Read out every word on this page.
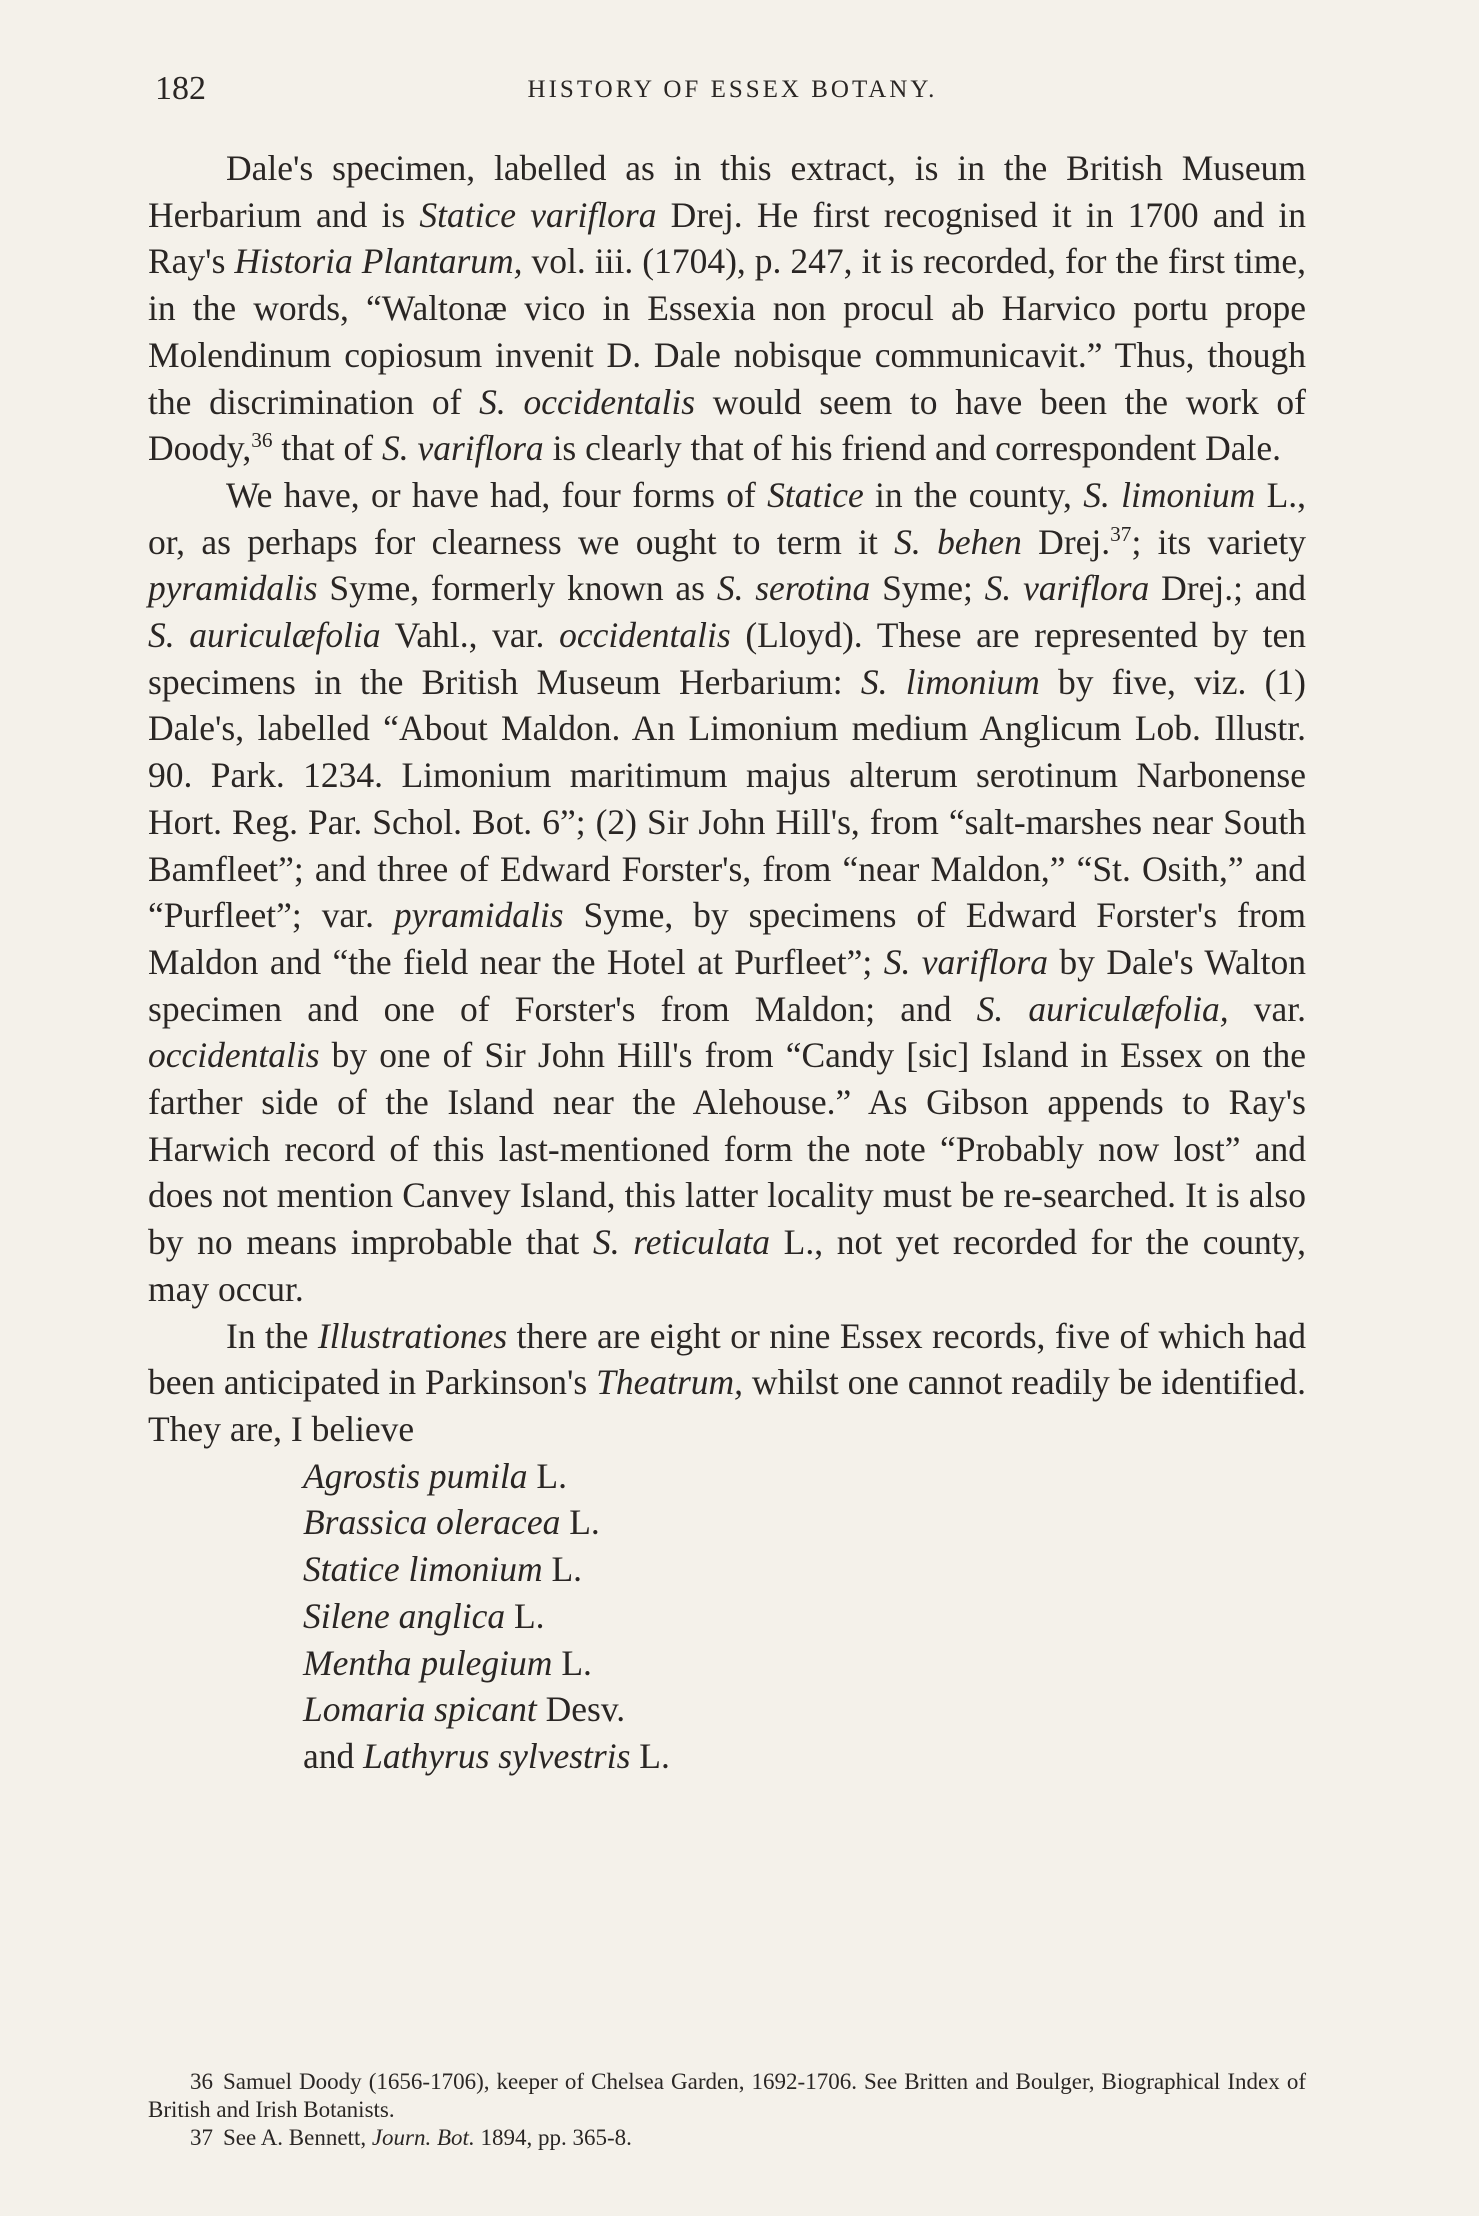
182	HISTORY OF ESSEX BOTANY.

Dale's specimen, labelled as in this extract, is in the British Museum Herbarium and is Statice variflora Drej. He first recognised it in 1700 and in Ray's Historia Plantarum, vol. iii. (1704), p. 247, it is recorded, for the first time, in the words, “Waltonæ vico in Essexia non procul ab Harvico portu prope Molendinum copiosum invenit D. Dale nobisque communicavit.” Thus, though the discrimination of S. occidentalis would seem to have been the work of Doody,$^{36}$ that of S. variflora is clearly that of his friend and correspondent Dale.

We have, or have had, four forms of Statice in the county, S. limonium L., or, as perhaps for clearness we ought to term it S. behen Drej.$^{37}$; its variety pyramidalis Syme, formerly known as S. serotina Syme; S. variflora Drej.; and S. auriculæfolia Vahl., var. occidentalis (Lloyd). These are represented by ten specimens in the British Museum Herbarium: S. limonium by five, viz. (1) Dale's, labelled “About Maldon. An Limonium medium Anglicum Lob. Illustr. 90. Park. 1234. Limonium maritimum majus alterum serotinum Narbonense Hort. Reg. Par. Schol. Bot. 6”; (2) Sir John Hill's, from “salt-marshes near South Bamfleet”; and three of Edward Forster's, from “near Maldon,” “St. Osith,” and “Purfleet”; var. pyramidalis Syme, by specimens of Edward Forster's from Maldon and “the field near the Hotel at Purfleet”; S. variflora by Dale's Walton specimen and one of Forster's from Maldon; and S. auriculæfolia, var. occidentalis by one of Sir John Hill's from “Candy [sic] Island in Essex on the farther side of the Island near the Alehouse.” As Gibson appends to Ray's Harwich record of this last-mentioned form the note “Probably now lost” and does not mention Canvey Island, this latter locality must be re-searched. It is also by no means improbable that S. reticulata L., not yet recorded for the county, may occur.

In the Illustrationes there are eight or nine Essex records, five of which had been anticipated in Parkinson's Theatrum, whilst one cannot readily be identified. They are, I believe

Agrostis pumila L.
Brassica oleracea L.
Statice limonium L.
Silene anglica L.
Mentha pulegium L.
Lomaria spicant Desv.
and Lathyrus sylvestris L.

36 Samuel Doody (1656-1706), keeper of Chelsea Garden, 1692-1706. See Britten and Boulger, Biographical Index of British and Irish Botanists.

37 See A. Bennett, Journ. Bot. 1894, pp. 365-8.
